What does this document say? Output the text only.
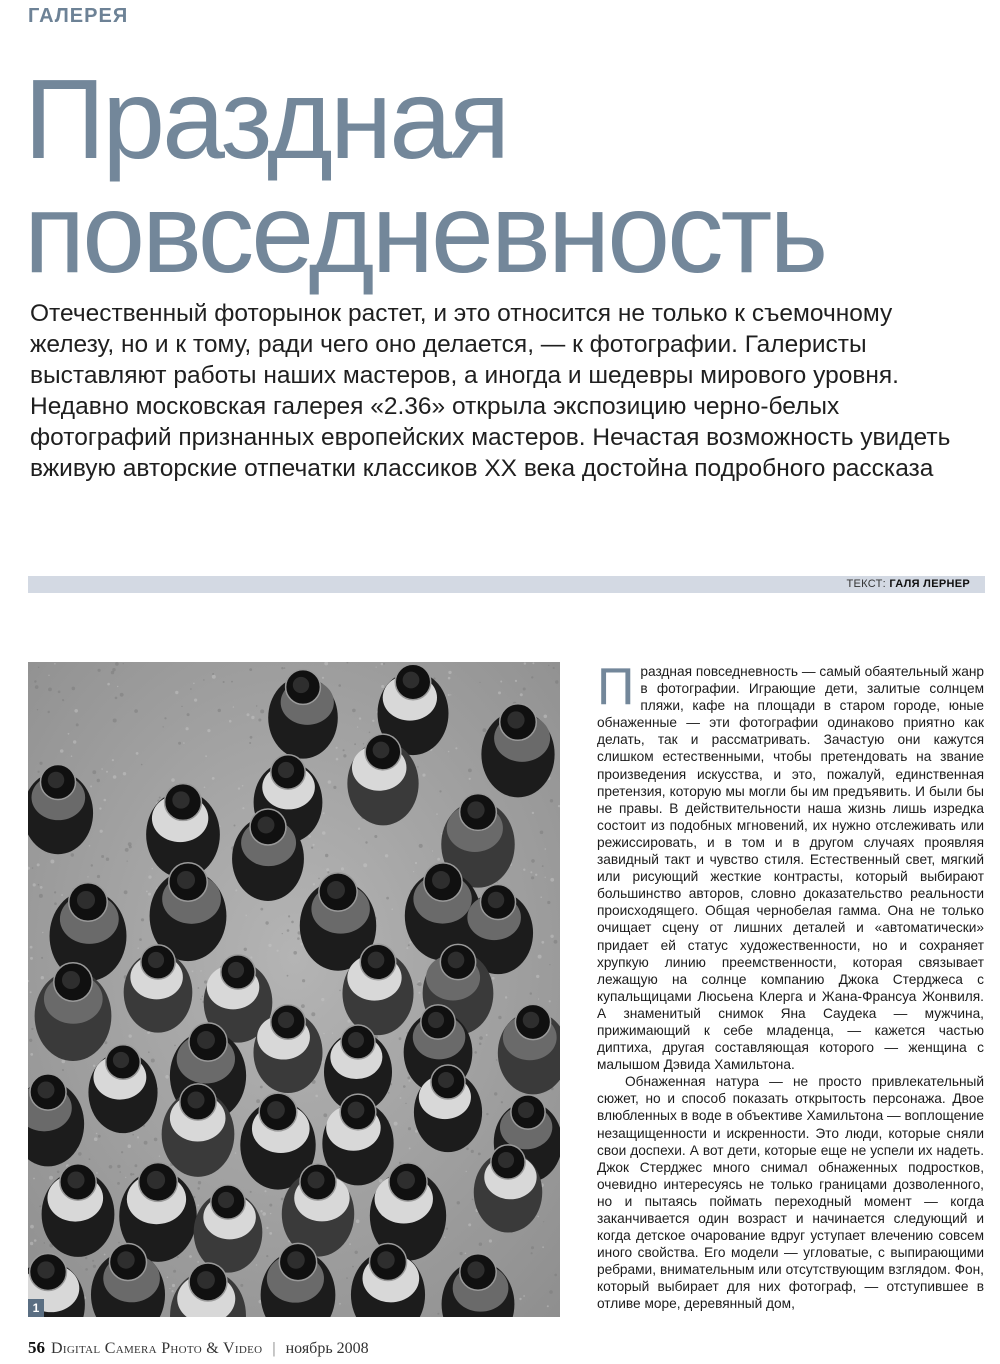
ГАЛЕРЕЯ
Праздная
повседневность

Отечественный фоторынок растет, и это относится не только к съемочному железу, но и к тому, ради чего оно делается, — к фотографии. Галеристы выставляют работы наших мастеров, а иногда и шедевры мирового уровня.

Недавно московская галерея «2.36» открыла экспозицию черно-белых фотографий признанных европейских мастеров. Нечастая возможность увидеть вживую авторские отпечатки классиков XX века достойна подробного рассказа

ТЕКСТ: ГАЛЯ ЛЕРНЕР
1

Праздная повседневность — самый обаятельный жанр в фотографии. Играющие дети, залитые солнцем пляжи, кафе на площади в старом городе, юные обнаженные — эти фотографии одинаково приятно как делать, так и рассматривать. Зачастую они кажутся слишком естественными, чтобы претендовать на звание произведения искусства, и это, пожалуй, единственная претензия, которую мы могли бы им предъявить. И были бы не правы. В действительности наша жизнь лишь изредка состоит из подобных мгновений, их нужно отслеживать или режиссировать, и в том и в другом случаях проявляя завидный такт и чувство стиля. Естественный свет, мягкий или рисующий жесткие контрасты, который выбирают большинство авторов, словно доказательство реальности происходящего. Общая чернобелая гамма. Она не только очищает сцену от лишних деталей и «автоматически» придает ей статус художественности, но и сохраняет хрупкую линию преемственности, которая связывает лежащую на солнце компанию Джока Стерджеса с купальщицами Люсьена Клерга и Жана-Франсуа Жонвиля. А знаменитый снимок Яна Саудека — мужчина, прижимающий к себе младенца, — кажется частью диптиха, другая составляющая которого — женщина с малышом Дэвида Хамильтона.

Обнаженная натура — не просто привлекательный сюжет, но и способ показать открытость персонажа. Двое влюбленных в воде в объективе Хамильтона — воплощение незащищенности и искренности. Это люди, которые сняли свои доспехи. А вот дети, которые еще не успели их надеть. Джок Стерджес много снимал обнаженных подростков, очевидно интересуясь не только границами дозволенного, но и пытаясь поймать переходный момент — когда заканчивается один возраст и начинается следующий и когда детское очарование вдруг уступает влечению совсем иного свойства. Его модели — угловатые, с выпирающими ребрами, внимательным или отсутствующим взглядом. Фон, который выбирает для них фотограф, — отступившее в отливе море, деревянный дом,

56 Digital Camera Photo & Video | ноябрь 2008
